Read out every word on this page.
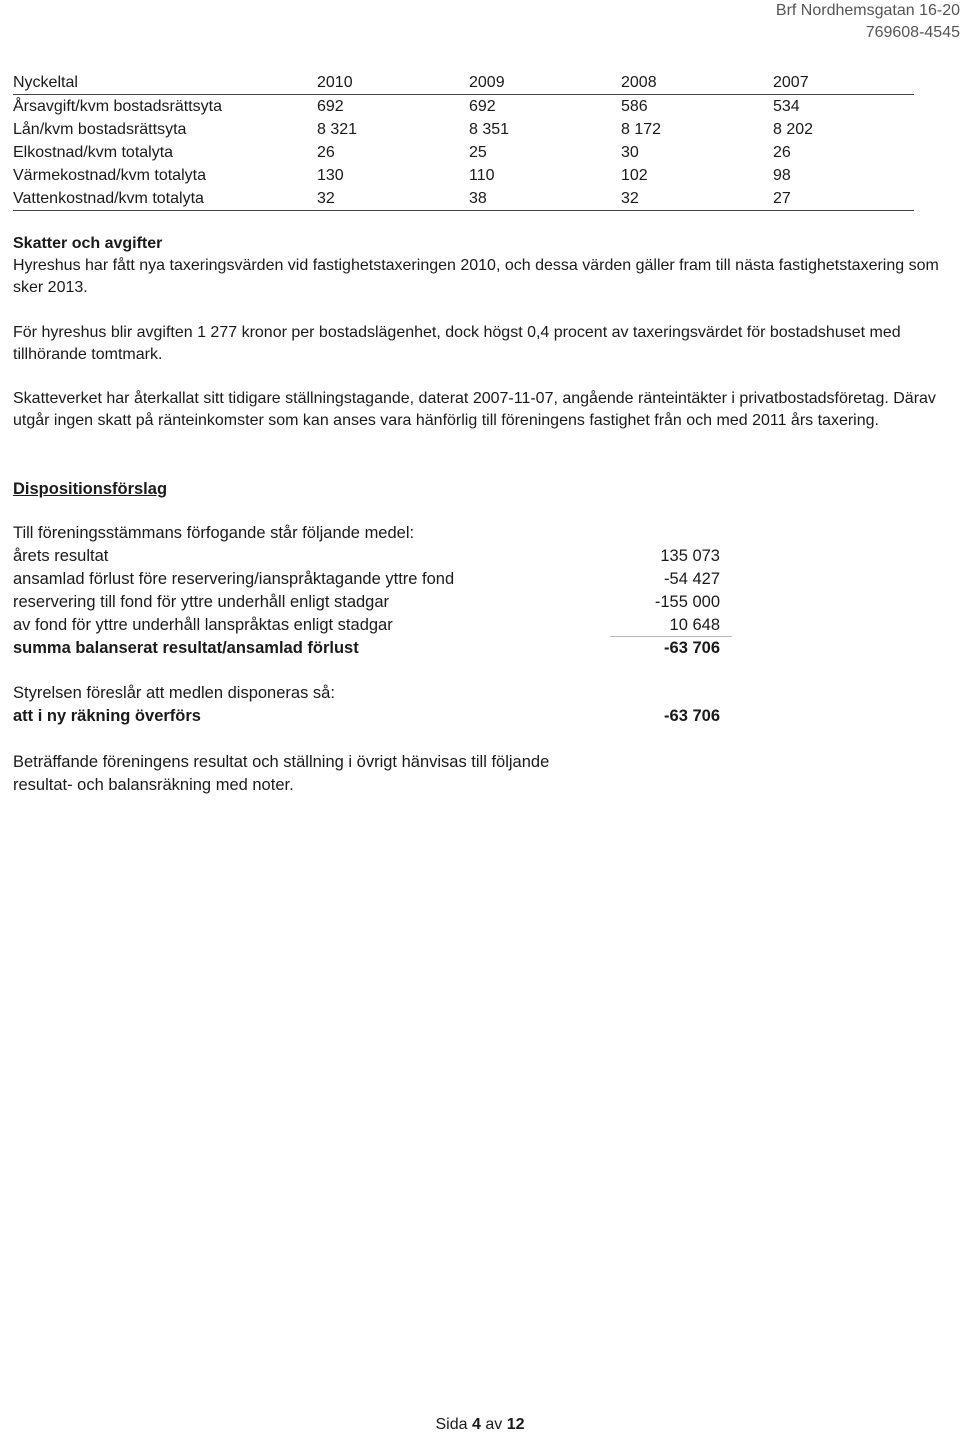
Brf Nordhemsgatan 16-20
769608-4545
Nyckeltal	2010	2009	2008	2007
Årsavgift/kvm bostadsrättsyta	692	692	586	534
Lån/kvm bostadsrättsyta	8 321	8 351	8 172	8 202
Elkostnad/kvm totalyta	26	25	30	26
Värmekostnad/kvm totalyta	130	110	102	98
Vattenkostnad/kvm totalyta	32	38	32	27

Skatter och avgifter

Hyreshus har fått nya taxeringsvärden vid fastighetstaxeringen 2010, och dessa värden gäller fram till nästa fastighetstaxering som sker 2013.

För hyreshus blir avgiften 1 277 kronor per bostadslägenhet, dock högst 0,4 procent av taxeringsvärdet för bostadshuset med tillhörande tomtmark.

Skatteverket har återkallat sitt tidigare ställningstagande, daterat 2007-11-07, angående ränteintäkter i privatbostadsföretag. Därav utgår ingen skatt på ränteinkomster som kan anses vara hänförlig till föreningens fastighet från och med 2011 års taxering.

Dispositionsförslag

Till föreningsstämmans förfogande står följande medel:
årets resultat	135 073
ansamlad förlust före reservering/ianspråktagande yttre fond	-54 427
reservering till fond för yttre underhåll enligt stadgar	-155 000
av fond för yttre underhåll lanspråktas enligt stadgar	10 648
summa balanserat resultat/ansamlad förlust	-63 706
Styrelsen föreslår att medlen disponeras så:
att i ny räkning överförs	-63 706

Beträffande föreningens resultat och ställning i övrigt hänvisas till följande resultat- och balansräkning med noter.

Sida 4 av 12
